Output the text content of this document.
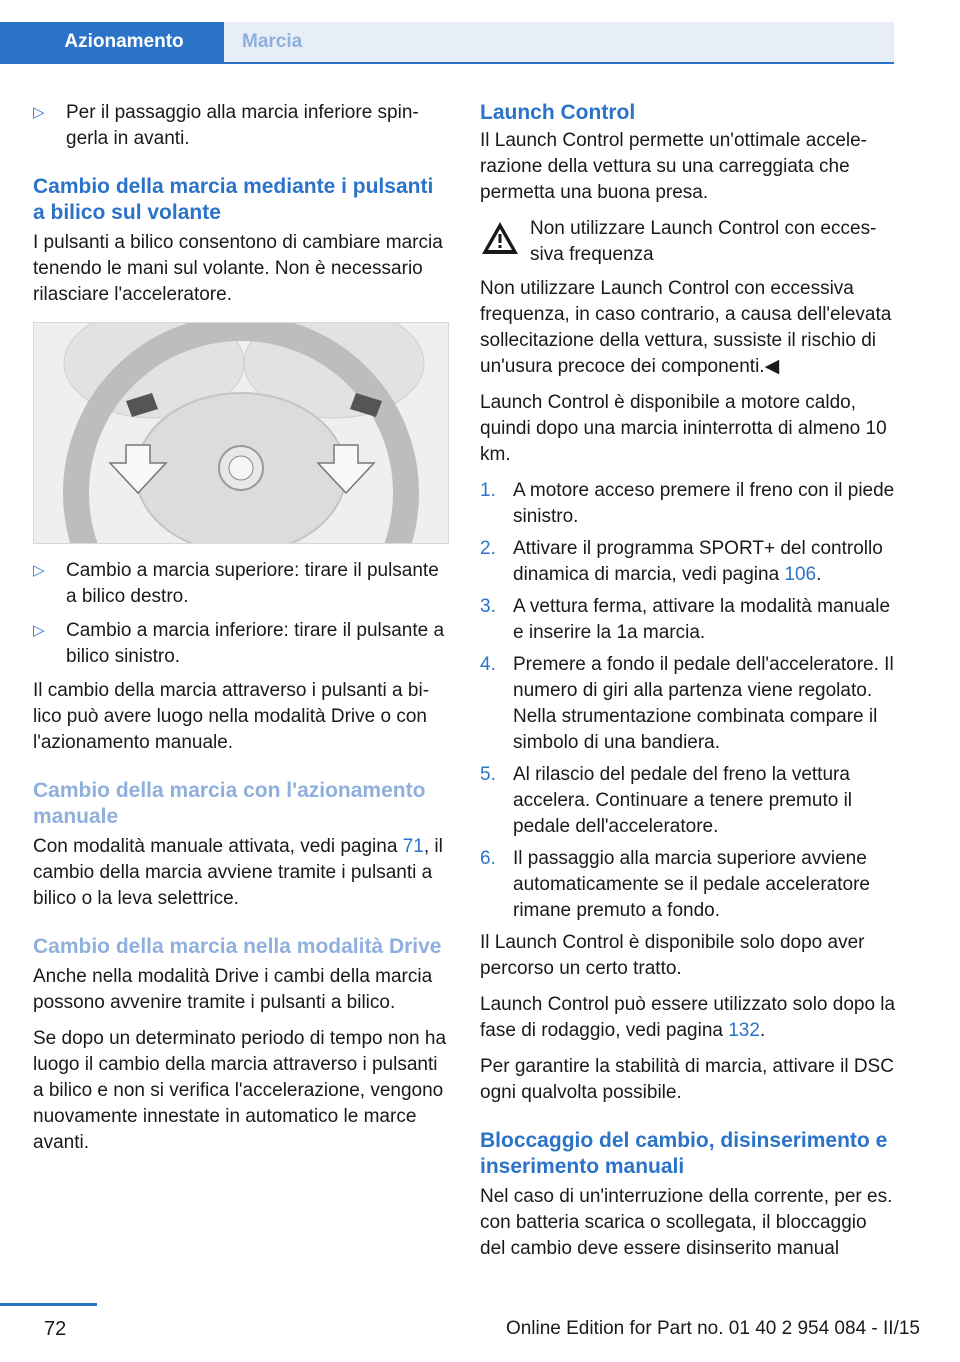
Azionamento	Marcia
▷ Per il passaggio alla marcia inferiore spingerla in avanti.
Cambio della marcia mediante i pulsanti a bilico sul volante

I pulsanti a bilico consentono di cambiare marcia tenendo le mani sul volante. Non è necessario rilasciare l'acceleratore.

▷ Cambio a marcia superiore: tirare il pulsante a bilico destro.
▷ Cambio a marcia inferiore: tirare il pulsante a bilico sinistro.

Il cambio della marcia attraverso i pulsanti a bilico può avere luogo nella modalità Drive o con l'azionamento manuale.

Cambio della marcia con l'azionamento manuale

Con modalità manuale attivata, vedi pagina 71, il cambio della marcia avviene tramite i pulsanti a bilico o la leva selettrice.

Cambio della marcia nella modalità Drive

Anche nella modalità Drive i cambi della marcia possono avvenire tramite i pulsanti a bilico.

Se dopo un determinato periodo di tempo non ha luogo il cambio della marcia attraverso i pulsanti a bilico e non si verifica l'accelerazione, vengono nuovamente innestate in automatico le marce avanti.

Launch Control

Il Launch Control permette un'ottimale accelerazione della vettura su una carreggiata che permetta una buona presa.

Non utilizzare Launch Control con eccessiva frequenza

Non utilizzare Launch Control con eccessiva frequenza, in caso contrario, a causa dell'elevata sollecitazione della vettura, sussiste il rischio di un'usura precoce dei componenti.◀

Launch Control è disponibile a motore caldo, quindi dopo una marcia ininterrotta di almeno 10 km.

1. A motore acceso premere il freno con il piede sinistro.
2. Attivare il programma SPORT+ del controllo dinamica di marcia, vedi pagina 106.
3. A vettura ferma, attivare la modalità manuale e inserire la 1a marcia.
4. Premere a fondo il pedale dell'acceleratore. Il numero di giri alla partenza viene regolato. Nella strumentazione combinata compare il simbolo di una bandiera.
5. Al rilascio del pedale del freno la vettura accelera. Continuare a tenere premuto il pedale dell'acceleratore.
6. Il passaggio alla marcia superiore avviene automaticamente se il pedale acceleratore rimane premuto a fondo.

Il Launch Control è disponibile solo dopo aver percorso un certo tratto.

Launch Control può essere utilizzato solo dopo la fase di rodaggio, vedi pagina 132.

Per garantire la stabilità di marcia, attivare il DSC ogni qualvolta possibile.

Bloccaggio del cambio, disinserimento e inserimento manuali

Nel caso di un'interruzione della corrente, per es. con batteria scarica o scollegata, il bloccaggio del cambio deve essere disinserito manual

72	Online Edition for Part no. 01 40 2 954 084 - II/15
